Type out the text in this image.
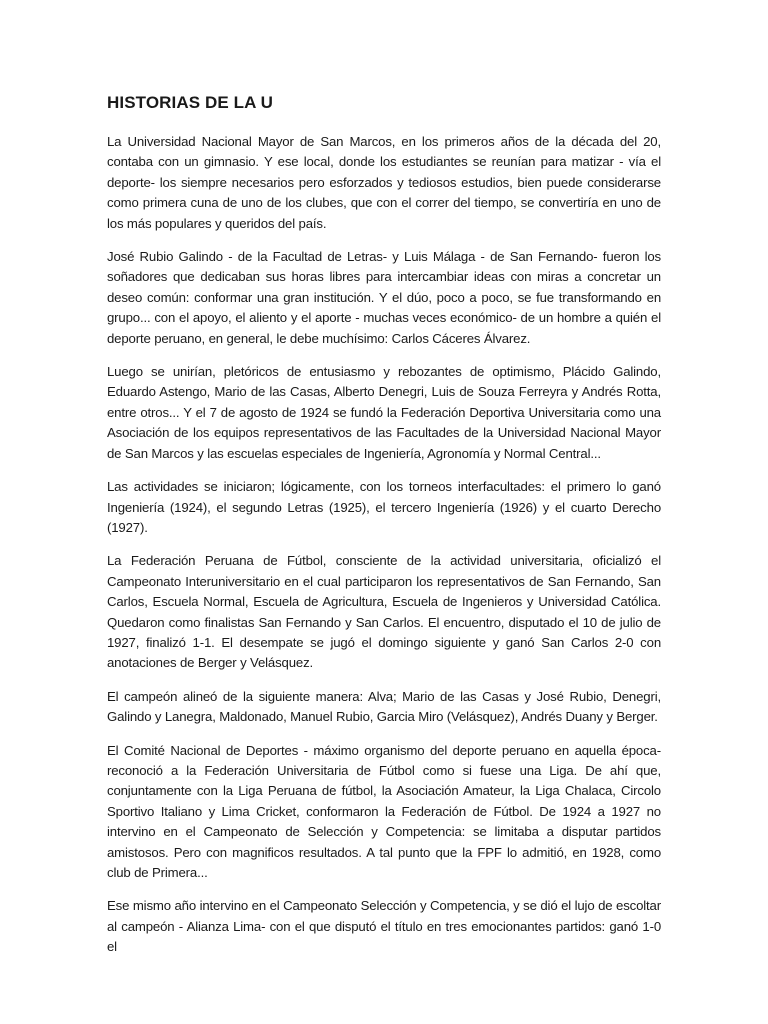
HISTORIAS DE LA U

La Universidad Nacional Mayor de San Marcos, en los primeros años de la década del 20, contaba con un gimnasio. Y ese local, donde los estudiantes se reunían para matizar - vía el deporte- los siempre necesarios pero esforzados y tediosos estudios, bien puede considerarse como primera cuna de uno de los clubes, que con el correr del tiempo, se convertiría en uno de los más populares y queridos del país.

José Rubio Galindo - de la Facultad de Letras- y Luis Málaga - de San Fernando- fueron los soñadores que dedicaban sus horas libres para intercambiar ideas con miras a concretar un deseo común: conformar una gran institución. Y el dúo, poco a poco, se fue transformando en grupo... con el apoyo, el aliento y el aporte - muchas veces económico- de un hombre a quién el deporte peruano, en general, le debe muchísimo: Carlos Cáceres Álvarez.

Luego se unirían, pletóricos de entusiasmo y rebozantes de optimismo, Plácido Galindo, Eduardo Astengo, Mario de las Casas, Alberto Denegri, Luis de Souza Ferreyra y Andrés Rotta, entre otros... Y el 7 de agosto de 1924 se fundó la Federación Deportiva Universitaria como una Asociación de los equipos representativos de las Facultades de la Universidad Nacional Mayor de San Marcos y las escuelas especiales de Ingeniería, Agronomía y Normal Central...

Las actividades se iniciaron; lógicamente, con los torneos interfacultades: el primero lo ganó Ingeniería (1924), el segundo Letras (1925), el tercero Ingeniería (1926) y el cuarto Derecho (1927).

La Federación Peruana de Fútbol, consciente de la actividad universitaria, oficializó el Campeonato Interuniversitario en el cual participaron los representativos de San Fernando, San Carlos, Escuela Normal, Escuela de Agricultura, Escuela de Ingenieros y Universidad Católica. Quedaron como finalistas San Fernando y San Carlos. El encuentro, disputado el 10 de julio de 1927, finalizó 1-1. El desempate se jugó el domingo siguiente y ganó San Carlos 2-0 con anotaciones de Berger y Velásquez.

El campeón alineó de la siguiente manera: Alva; Mario de las Casas y José Rubio, Denegri, Galindo y Lanegra, Maldonado, Manuel Rubio, Garcia Miro (Velásquez), Andrés Duany y Berger.

El Comité Nacional de Deportes - máximo organismo del deporte peruano en aquella época- reconoció a la Federación Universitaria de Fútbol como si fuese una Liga. De ahí que, conjuntamente con la Liga Peruana de fútbol, la Asociación Amateur, la Liga Chalaca, Circolo Sportivo Italiano y Lima Cricket, conformaron la Federación de Fútbol. De 1924 a 1927 no intervino en el Campeonato de Selección y Competencia: se limitaba a disputar partidos amistosos. Pero con magnificos resultados. A tal punto que la FPF lo admitió, en 1928, como club de Primera...

Ese mismo año intervino en el Campeonato Selección y Competencia, y se dió el lujo de escoltar al campeón - Alianza Lima- con el que disputó el título en tres emocionantes partidos: ganó 1-0 el
